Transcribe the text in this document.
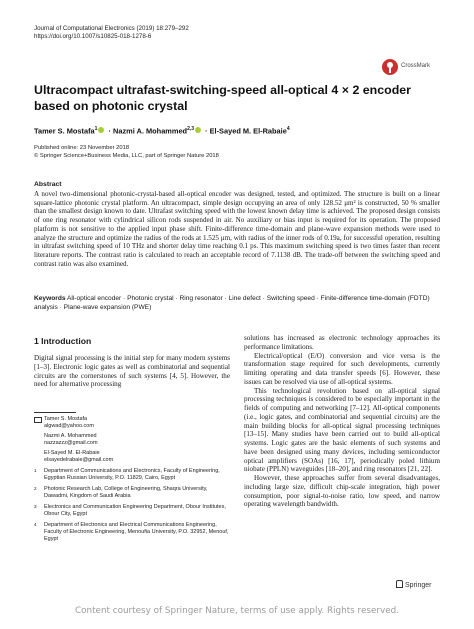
Journal of Computational Electronics (2019) 18:279–292
https://doi.org/10.1007/s10825-018-1278-6
CrossMark
Ultracompact ultrafast-switching-speed all-optical 4 × 2 encoder based on photonic crystal
Tamer S. Mostafa$^1$ · Nazmi A. Mohammed$^{2,3}$ · El-Sayed M. El-Rabaie$^4$
Published online: 23 November 2018
© Springer Science+Business Media, LLC, part of Springer Nature 2018
Abstract
A novel two-dimensional photonic-crystal-based all-optical encoder was designed, tested, and optimized. The structure is built on a linear square-lattice photonic crystal platform. An ultracompact, simple design occupying an area of only 128.52 μm² is constructed, 50 % smaller than the smallest design known to date. Ultrafast switching speed with the lowest known delay time is achieved. The proposed design consists of one ring resonator with cylindrical silicon rods suspended in air. No auxiliary or bias input is required for its operation. The proposed platform is not sensitive to the applied input phase shift. Finite-difference time-domain and plane-wave expansion methods were used to analyze the structure and optimize the radius of the rods at 1.525 μm, with radius of the inner rods of 0.19a, for successful operation, resulting in ultrafast switching speed of 10 THz and shorter delay time reaching 0.1 ps. This maximum switching speed is two times faster than recent literature reports. The contrast ratio is calculated to reach an acceptable record of 7.1138 dB. The trade-off between the switching speed and contrast ratio was also examined.
Keywords All-optical encoder · Photonic crystal · Ring resonator · Line defect · Switching speed · Finite-difference time-domain (FDTD) analysis · Plane-wave expansion (PWE)
1 Introduction

Digital signal processing is the initial step for many modern systems [1–3]. Electronic logic gates as well as combinatorial and sequential circuits are the cornerstones of such systems [4, 5]. However, the need for alternative processing

Tamer S. Mostafa
algwad@yahoo.com
Nazmi A. Mohammed
nazzazzz@gmail.com
El-Sayed M. El-Rabaie
elsayedelrabaie@gmail.com
1 Department of Communications and Electronics, Faculty of Engineering, Egyptian Russian University, P.O. 11829, Cairo, Egypt
2 Photonic Research Lab, College of Engineering, Shaqra University, Dawadmi, Kingdom of Saudi Arabia
3 Electronics and Communication Engineering Department, Obour Institutes, Obour City, Egypt
4 Department of Electronics and Electrical Communications Engineering, Faculty of Electronic Engineering, Menoufia University, P.O. 32952, Menouf, Egypt

solutions has increased as electronic technology approaches its performance limitations.

Electrical/optical (E/O) conversion and vice versa is the transformation stage required for such developments, currently limiting operating and data transfer speeds [6]. However, these issues can be resolved via use of all-optical systems.

This technological revolution based on all-optical signal processing techniques is considered to be especially important in the fields of computing and networking [7–12]. All-optical components (i.e., logic gates, and combinatorial and sequential circuits) are the main building blocks for all-optical signal processing techniques [13–15]. Many studies have been carried out to build all-optical systems. Logic gates are the basic elements of such systems and have been designed using many devices, including semiconductor optical amplifiers (SOAs) [16, 17], periodically poled lithium niobate (PPLN) waveguides [18–20], and ring resonators [21, 22].

However, these approaches suffer from several disadvantages, including large size, difficult chip-scale integration, high power consumption, poor signal-to-noise ratio, low speed, and narrow operating wavelength bandwidth.

Springer
Content courtesy of Springer Nature, terms of use apply. Rights reserved.
